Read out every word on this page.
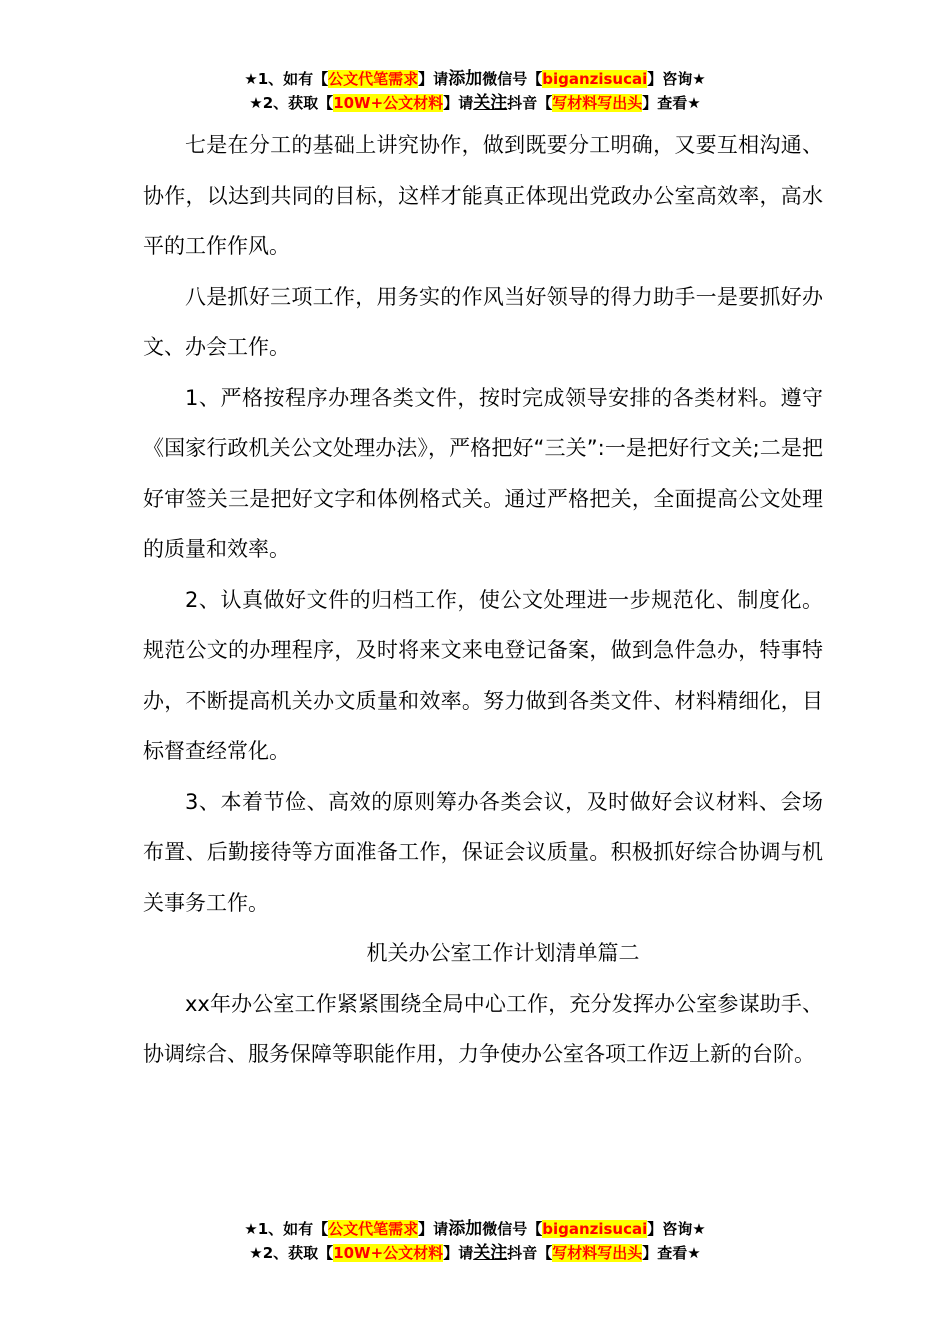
★1、如有【公文代笔需求】请添加微信号【biganzisucai】咨询★
★2、获取【10W+公文材料】请关注抖音【写材料写出头】查看★

七是在分工的基础上讲究协作，做到既要分工明确，又要互相沟通、协作，以达到共同的目标，这样才能真正体现出党政办公室高效率，高水平的工作作风。

八是抓好三项工作，用务实的作风当好领导的得力助手一是要抓好办文、办会工作。

1、严格按程序办理各类文件，按时完成领导安排的各类材料。遵守《国家行政机关公文处理办法》，严格把好“三关”:一是把好行文关;二是把好审签关三是把好文字和体例格式关。通过严格把关，全面提高公文处理的质量和效率。

2、认真做好文件的归档工作，使公文处理进一步规范化、制度化。规范公文的办理程序，及时将来文来电登记备案，做到急件急办，特事特办，不断提高机关办文质量和效率。努力做到各类文件、材料精细化，目标督查经常化。

3、本着节俭、高效的原则筹办各类会议，及时做好会议材料、会场布置、后勤接待等方面准备工作，保证会议质量。积极抓好综合协调与机关事务工作。

机关办公室工作计划清单篇二

xx年办公室工作紧紧围绕全局中心工作，充分发挥办公室参谋助手、协调综合、服务保障等职能作用，力争使办公室各项工作迈上新的台阶。

★1、如有【公文代笔需求】请添加微信号【biganzisucai】咨询★
★2、获取【10W+公文材料】请关注抖音【写材料写出头】查看★
